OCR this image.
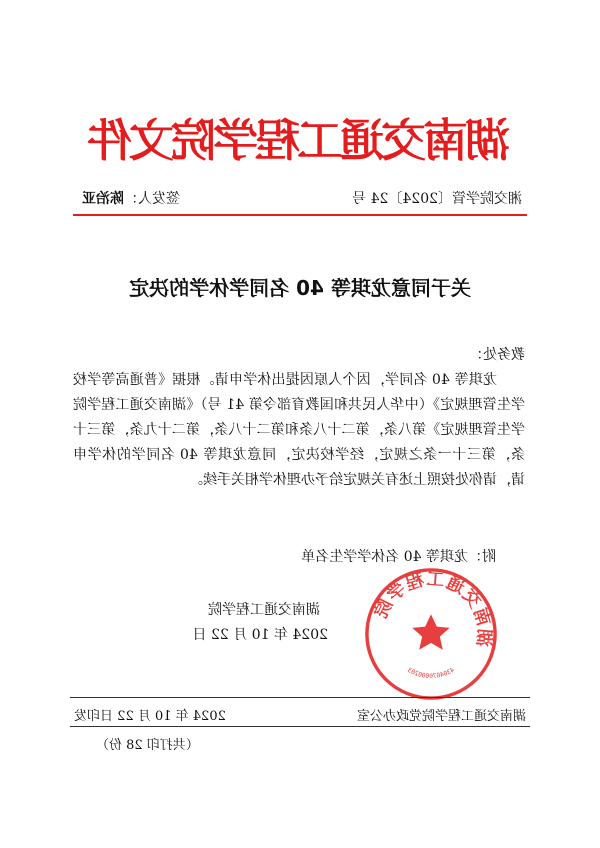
湖南交通工程学院文件
湘交院学管〔2024〕24 号
签发人：陈治亚
关于同意龙琪等 40 名同学休学的决定
教务处：
龙琪等 40 名同学，因个人原因提出休学申请。根据《普通高等学校学生管理规定》（中华人民共和国教育部令第 41 号）《湖南交通工程学院学生管理规定》第八条，第二十八条和第二十八条，第二十九条，第三十条，第三十一条之规定，经学校决定，同意龙琪等 40 名同学的休学申请，请你处按照上述有关规定给予办理休学相关手续。
附：龙琪等 40 名休学学生名单
湖南交通工程学院
4304070000203
湖南交通工程学院
2024 年 10 月 22 日
湖南交通工程学院党政办公室
2024 年 10 月 22 日印发
（共打印 28 份）
